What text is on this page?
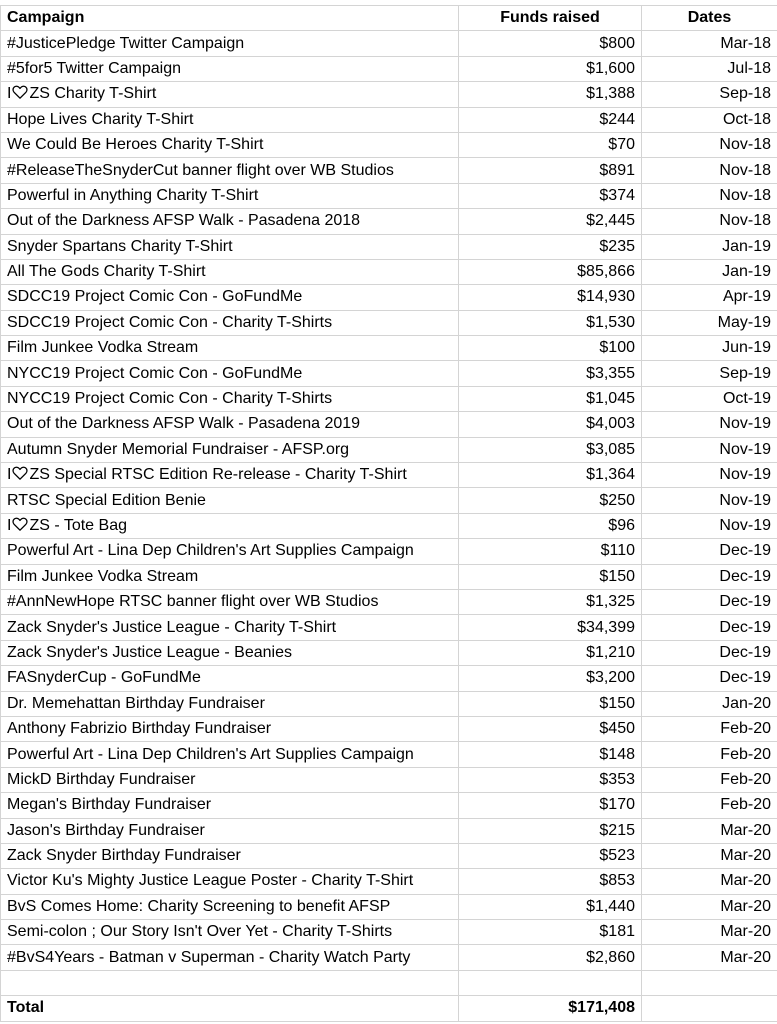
Campaign	Funds raised	Dates
#JusticePledge Twitter Campaign	$800	Mar-18
#5for5 Twitter Campaign	$1,600	Jul-18
I ZS Charity T-Shirt	$1,388	Sep-18
Hope Lives Charity T-Shirt	$244	Oct-18
We Could Be Heroes Charity T-Shirt	$70	Nov-18
#ReleaseTheSnyderCut banner flight over WB Studios	$891	Nov-18
Powerful in Anything Charity T-Shirt	$374	Nov-18
Out of the Darkness AFSP Walk - Pasadena 2018	$2,445	Nov-18
Snyder Spartans Charity T-Shirt	$235	Jan-19
All The Gods Charity T-Shirt	$85,866	Jan-19
SDCC19 Project Comic Con - GoFundMe	$14,930	Apr-19
SDCC19 Project Comic Con - Charity T-Shirts	$1,530	May-19
Film Junkee Vodka Stream	$100	Jun-19
NYCC19 Project Comic Con - GoFundMe	$3,355	Sep-19
NYCC19 Project Comic Con - Charity T-Shirts	$1,045	Oct-19
Out of the Darkness AFSP Walk - Pasadena 2019	$4,003	Nov-19
Autumn Snyder Memorial Fundraiser - AFSP.org	$3,085	Nov-19
I ZS Special RTSC Edition Re-release - Charity T-Shirt	$1,364	Nov-19
RTSC Special Edition Benie	$250	Nov-19
I ZS - Tote Bag	$96	Nov-19
Powerful Art - Lina Dep Children's Art Supplies Campaign	$110	Dec-19
Film Junkee Vodka Stream	$150	Dec-19
#AnnNewHope RTSC banner flight over WB Studios	$1,325	Dec-19
Zack Snyder's Justice League - Charity T-Shirt	$34,399	Dec-19
Zack Snyder's Justice League - Beanies	$1,210	Dec-19
FASnyderCup - GoFundMe	$3,200	Dec-19
Dr. Memehattan Birthday Fundraiser	$150	Jan-20
Anthony Fabrizio Birthday Fundraiser	$450	Feb-20
Powerful Art - Lina Dep Children's Art Supplies Campaign	$148	Feb-20
MickD Birthday Fundraiser	$353	Feb-20
Megan's Birthday Fundraiser	$170	Feb-20
Jason's Birthday Fundraiser	$215	Mar-20
Zack Snyder Birthday Fundraiser	$523	Mar-20
Victor Ku's Mighty Justice League Poster - Charity T-Shirt	$853	Mar-20
BvS Comes Home: Charity Screening to benefit AFSP	$1,440	Mar-20
Semi-colon ; Our Story Isn't Over Yet - Charity T-Shirts	$181	Mar-20
#BvS4Years - Batman v Superman - Charity Watch Party	$2,860	Mar-20

Total	$171,408	
